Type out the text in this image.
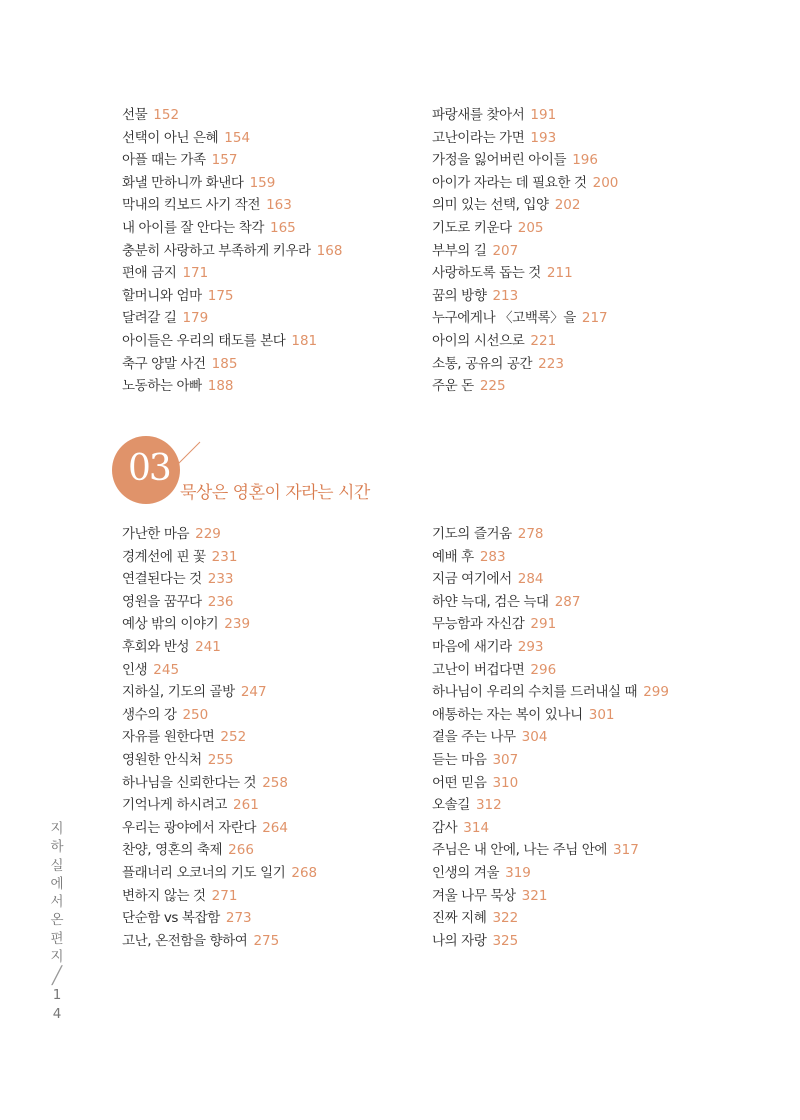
선물 152
선택이 아닌 은혜 154
아플 때는 가족 157
화낼 만하니까 화낸다 159
막내의 킥보드 사기 작전 163
내 아이를 잘 안다는 착각 165
충분히 사랑하고 부족하게 키우라 168
편애 금지 171
할머니와 엄마 175
달려갈 길 179
아이들은 우리의 태도를 본다 181
축구 양말 사건 185
노동하는 아빠 188
파랑새를 찾아서 191
고난이라는 가면 193
가정을 잃어버린 아이들 196
아이가 자라는 데 필요한 것 200
의미 있는 선택, 입양 202
기도로 키운다 205
부부의 길 207
사랑하도록 돕는 것 211
꿈의 방향 213
누구에게나 〈고백록〉을 217
아이의 시선으로 221
소통, 공유의 공간 223
주운 돈 225
03
묵상은 영혼이 자라는 시간
가난한 마음 229
경계선에 핀 꽃 231
연결된다는 것 233
영원을 꿈꾸다 236
예상 밖의 이야기 239
후회와 반성 241
인생 245
지하실, 기도의 골방 247
생수의 강 250
자유를 원한다면 252
영원한 안식처 255
하나님을 신뢰한다는 것 258
기억나게 하시려고 261
우리는 광야에서 자란다 264
찬양, 영혼의 축제 266
플래너리 오코너의 기도 일기 268
변하지 않는 것 271
단순함 vs 복잡함 273
고난, 온전함을 향하여 275
기도의 즐거움 278
예배 후 283
지금 여기에서 284
하얀 늑대, 검은 늑대 287
무능함과 자신감 291
마음에 새기라 293
고난이 버겁다면 296
하나님이 우리의 수치를 드러내실 때 299
애통하는 자는 복이 있나니 301
곁을 주는 나무 304
듣는 마음 307
어떤 믿음 310
오솔길 312
감사 314
주님은 내 안에, 나는 주님 안에 317
인생의 겨울 319
겨울 나무 묵상 321
진짜 지혜 322
나의 자랑 325
지
하
실
에
서
온
편
지
╱
1
4
